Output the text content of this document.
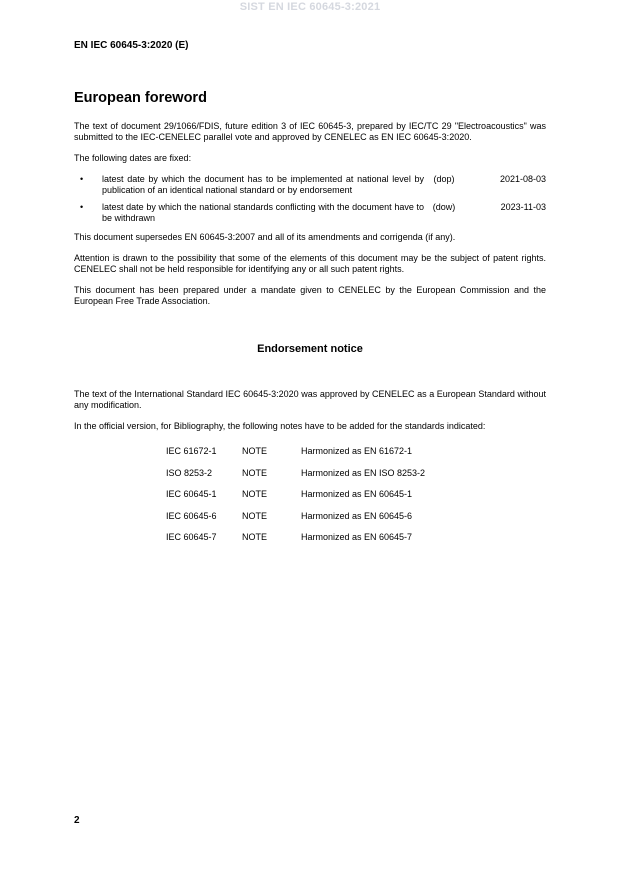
SIST EN IEC 60645-3:2021
EN IEC 60645-3:2020 (E)
European foreword

The text of document 29/1066/FDIS, future edition 3 of IEC 60645-3, prepared by IEC/TC 29 "Electroacoustics" was submitted to the IEC-CENELEC parallel vote and approved by CENELEC as EN IEC 60645-3:2020.

The following dates are fixed:

• latest date by which the document has to be implemented at national level by publication of an identical national standard or by endorsement
(dop)	2021-08-03
• latest date by which the national standards conflicting with the document have to be withdrawn
(dow)	2023-11-03

This document supersedes EN 60645-3:2007 and all of its amendments and corrigenda (if any).

Attention is drawn to the possibility that some of the elements of this document may be the subject of patent rights. CENELEC shall not be held responsible for identifying any or all such patent rights.

This document has been prepared under a mandate given to CENELEC by the European Commission and the European Free Trade Association.

Endorsement notice

The text of the International Standard IEC 60645-3:2020 was approved by CENELEC as a European Standard without any modification.

In the official version, for Bibliography, the following notes have to be added for the standards indicated:

IEC 61672-1	NOTE	Harmonized as EN 61672-1
ISO 8253-2	NOTE	Harmonized as EN ISO 8253-2
IEC 60645-1	NOTE	Harmonized as EN 60645-1
IEC 60645-6	NOTE	Harmonized as EN 60645-6
IEC 60645-7	NOTE	Harmonized as EN 60645-7
2
